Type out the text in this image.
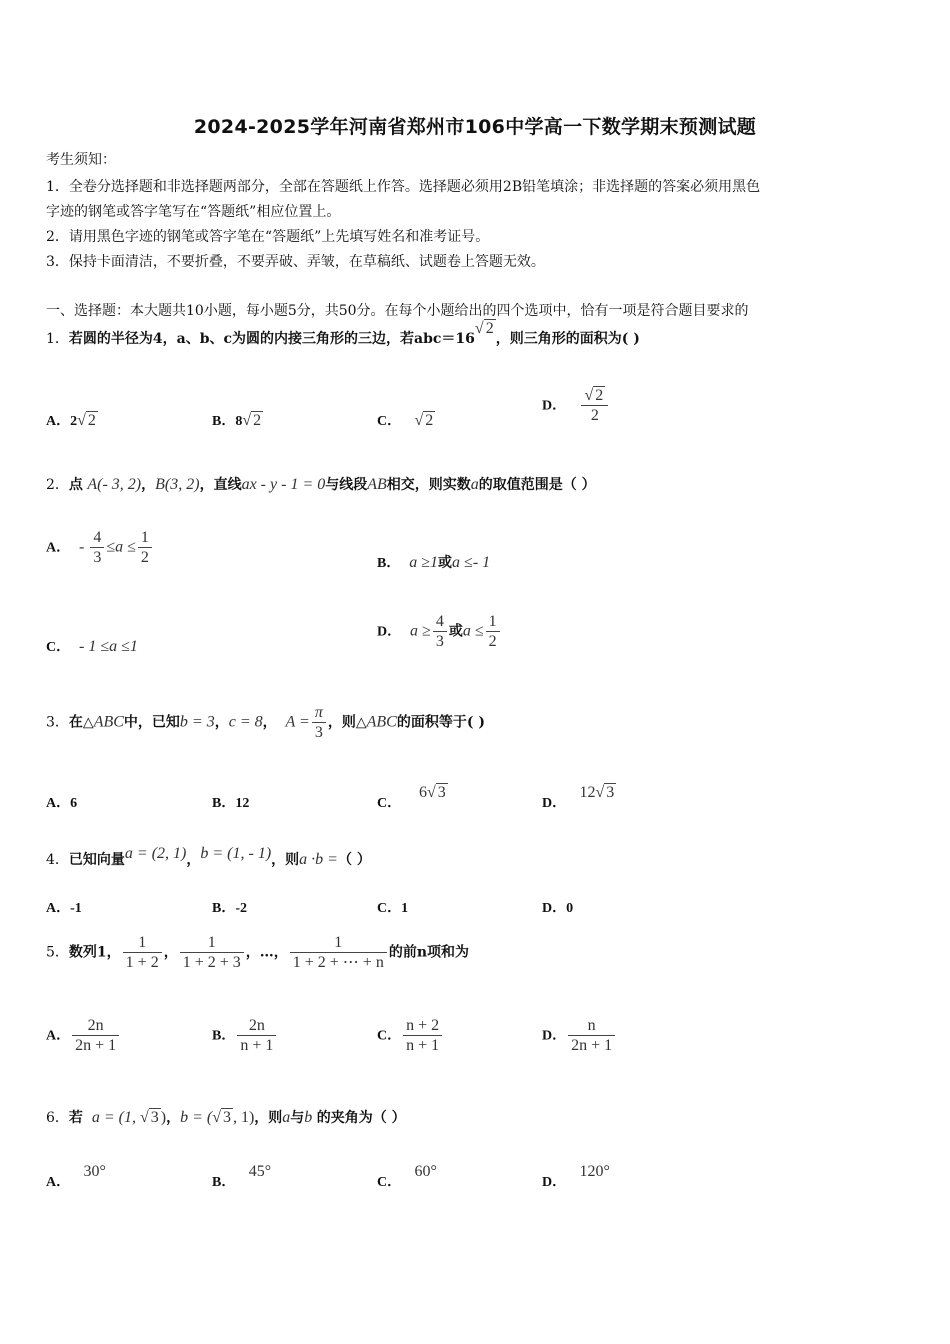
2024-2025学年河南省郑州市106中学高一下数学期末预测试题
考生须知：
1．全卷分选择题和非选择题两部分，全部在答题纸上作答。选择题必须用2B铅笔填涂；非选择题的答案必须用黑色
字迹的钢笔或答字笔写在“答题纸”相应位置上。
2．请用黑色字迹的钢笔或答字笔在“答题纸”上先填写姓名和准考证号。
3．保持卡面清洁，不要折叠，不要弄破、弄皱，在草稿纸、试题卷上答题无效。
一、选择题：本大题共10小题，每小题5分，共50分。在每个小题给出的四个选项中，恰有一项是符合题目要求的
1．若圆的半径为4，a、b、c为圆的内接三角形的三边，若abc＝16√ 2，则三角形的面积为( )
A．2√ 2	B．8√ 2	C． √ 2
D． $\frac{√ 2}{2}$
2．点 A(- 3, 2)，B(3, 2)，直线ax - y - 1 = 0与线段AB相交，则实数a的取值范围是（ ）
A． - $\frac{4}{3} \le a \le \frac{1}{2}$	B． a ≥1或a ≤- 1
C． - 1 ≤a ≤1
D． $a \ge \frac{4}{3}$ 或$a \le \frac{1}{2}$
3．在△ABC中，已知b = 3，c = 8， $A = \frac{\pi}{3}$ ，则△ABC的面积等于( )
A．6	B．12	C．    6√ 3
D．   12√ 3
4．已知向量a = (2, 1)，b = (1, - 1)，则a ·b =（ ）
A．-1	B．-2	C．1	D．0
5．数列1， $\frac{1}{1 + 2}$ ， $\frac{1}{1 + 2 + 3}$ ，…， $\frac{1}{1 + 2 + \cdots + n}$ 的前n项和为
A． $\frac{2n}{2n + 1}$	B． $\frac{2n}{n + 1}$	C． $\frac{n + 2}{n + 1}$	D． $\frac{n}{2n + 1}$
6．若 a = (1, √ 3 )，b = (√ 3 , 1)，则a与b 的夹角为（ ）
A．   30°
B．   45°
C．   60°
D．   120°
